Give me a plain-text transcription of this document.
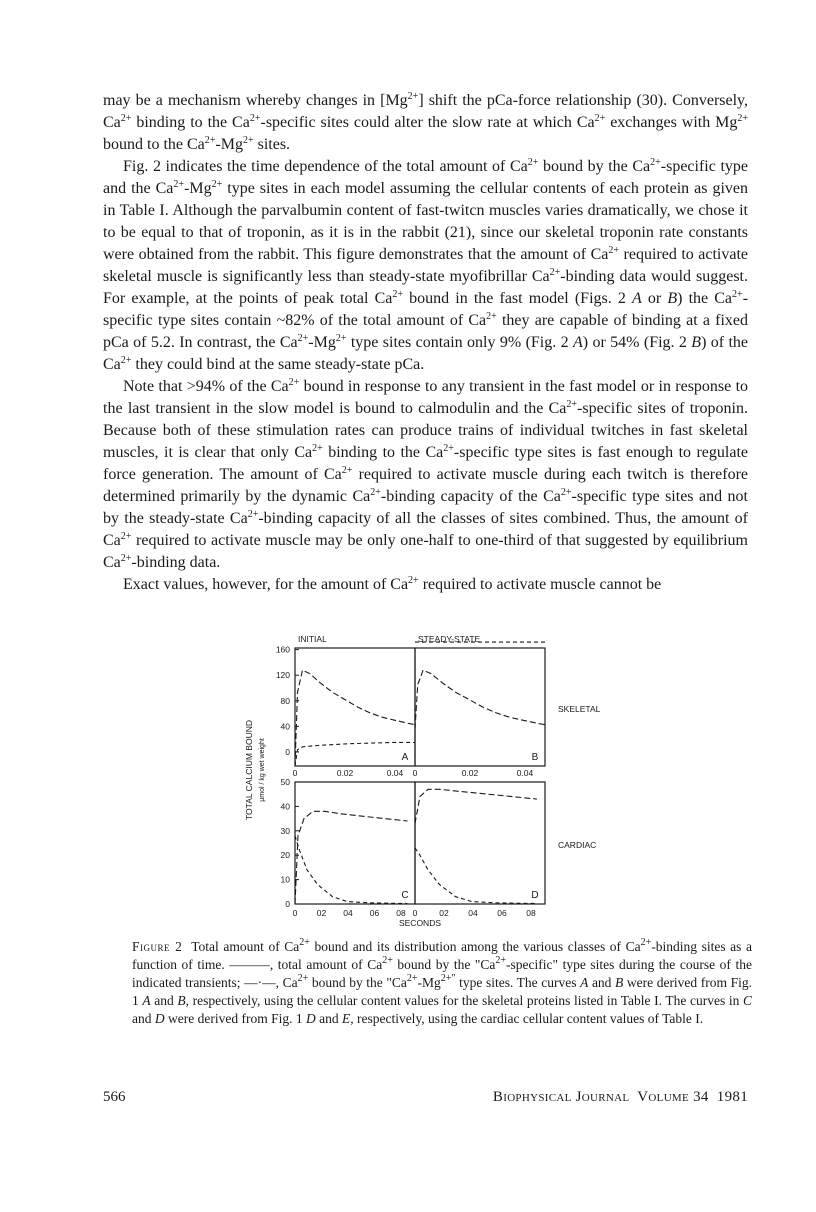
may be a mechanism whereby changes in $[Mg^{2+}]$ shift the pCa-force relationship (30). Conversely, $Ca^{2+}$ binding to the $Ca^{2+}$-specific sites could alter the slow rate at which $Ca^{2+}$ exchanges with $Mg^{2+}$ bound to the $Ca^{2+}-Mg^{2+}$ sites.

Fig. 2 indicates the time dependence of the total amount of $Ca^{2+}$ bound by the $Ca^{2+}$-specific type and the $Ca^{2+}-Mg^{2+}$ type sites in each model assuming the cellular contents of each protein as given in Table I. Although the parvalbumin content of fast-twitcn muscles varies dramatically, we chose it to be equal to that of troponin, as it is in the rabbit (21), since our skeletal troponin rate constants were obtained from the rabbit. This figure demonstrates that the amount of $Ca^{2+}$ required to activate skeletal muscle is significantly less than steady-state myofibrillar $Ca^{2+}$-binding data would suggest. For example, at the points of peak total $Ca^{2+}$ bound in the fast model (Figs. 2 A or B) the $Ca^{2+}$-specific type sites contain ~82% of the total amount of $Ca^{2+}$ they are capable of binding at a fixed pCa of 5.2. In contrast, the $Ca^{2+}-Mg^{2+}$ type sites contain only 9% (Fig. 2 A) or 54% (Fig. 2 B) of the $Ca^{2+}$ they could bind at the same steady-state pCa.

Note that >94% of the $Ca^{2+}$ bound in response to any transient in the fast model or in response to the last transient in the slow model is bound to calmodulin and the $Ca^{2+}$-specific sites of troponin. Because both of these stimulation rates can produce trains of individual twitches in fast skeletal muscles, it is clear that only $Ca^{2+}$ binding to the $Ca^{2+}$-specific type sites is fast enough to regulate force generation. The amount of $Ca^{2+}$ required to activate muscle during each twitch is therefore determined primarily by the dynamic $Ca^{2+}$-binding capacity of the $Ca^{2+}$-specific type sites and not by the steady-state $Ca^{2+}$-binding capacity of all the classes of sites combined. Thus, the amount of $Ca^{2+}$ required to activate muscle may be only one-half to one-third of that suggested by equilibrium $Ca^{2+}$-binding data.

Exact values, however, for the amount of $Ca^{2+}$ required to activate muscle cannot be

A	B
C	D
INITIAL	STEADY-STATE
SKELETAL
CARDIAC
160
120
80
40
0
50
40
30
20
10
0
0	0.02	0.04 0	0.02	0.04
0 02 04 06 08 0	02 04 06 08
SECONDS
TOTAL CALCIUM BOUND µmol / kg wet weight
Figure 2 Total amount of $Ca^{2+}$ bound and its distribution among the various classes of $Ca^{2+}$-binding sites as a function of time. ———, total amount of $Ca^{2+}$ bound by the "$Ca^{2+}$-specific" type sites during the course of the indicated transients; —·—, $Ca^{2+}$ bound by the "$Ca^{2+}-Mg^{2+"}$ type sites. The curves A and B were derived from Fig. 1 A and B, respectively, using the cellular content values for the skeletal proteins listed in Table I. The curves in C and D were derived from Fig. 1 D and E, respectively, using the cardiac cellular content values of Table I.
566	Biophysical Journal Volume 34 1981
